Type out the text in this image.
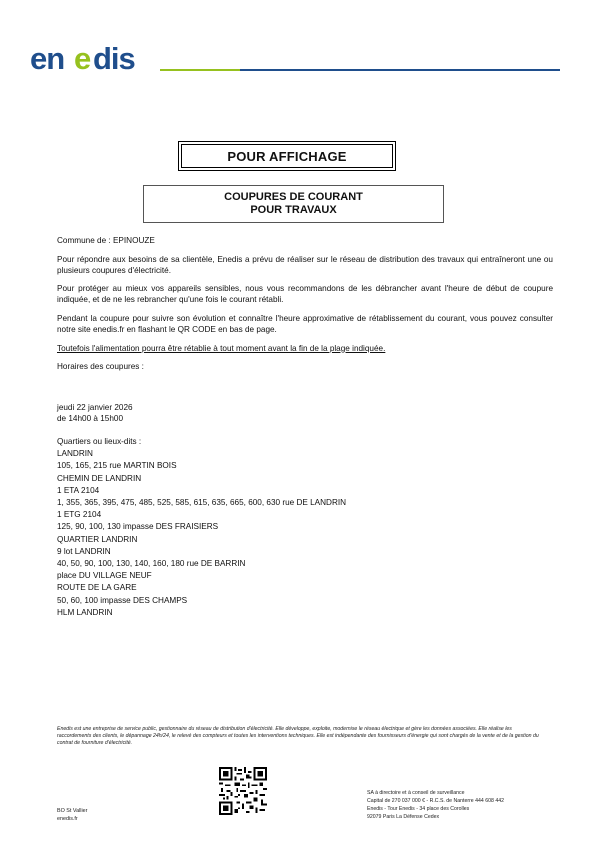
en e dis
POUR AFFICHAGE
COUPURES DE COURANT
POUR TRAVAUX

Commune de : EPINOUZE

Pour répondre aux besoins de sa clientèle, Enedis a prévu de réaliser sur le réseau de distribution des travaux qui entraîneront une ou plusieurs coupures d'électricité.

Pour protéger au mieux vos appareils sensibles, nous vous recommandons de les débrancher avant l'heure de début de coupure indiquée, et de ne les rebrancher qu'une fois le courant rétabli.

Pendant la coupure pour suivre son évolution et connaître l'heure approximative de rétablissement du courant, vous pouvez consulter notre site enedis.fr en flashant le QR CODE en bas de page.

Toutefois l'alimentation pourra être rétablie à tout moment avant la fin de la plage indiquée.

Horaires des coupures :

jeudi 22 janvier 2026
de 14h00 à 15h00
Quartiers ou lieux-dits :
LANDRIN
105, 165, 215 rue MARTIN BOIS
CHEMIN DE LANDRIN
1 ETA 2104
1, 355, 365, 395, 475, 485, 525, 585, 615, 635, 665, 600, 630 rue DE LANDRIN
1 ETG 2104
125, 90, 100, 130 impasse DES FRAISIERS
QUARTIER LANDRIN
9 lot LANDRIN
40, 50, 90, 100, 130, 140, 160, 180 rue DE BARRIN
place DU VILLAGE NEUF
ROUTE DE LA GARE
50, 60, 100 impasse DES CHAMPS
HLM LANDRIN
Enedis est une entreprise de service public, gestionnaire du réseau de distribution d'électricité. Elle développe, exploite, modernise le réseau électrique et gère les données associées. Elle réalise les raccordements des clients, le dépannage 24h/24, le relevé des compteurs et toutes les interventions techniques. Elle est indépendante des fournisseurs d'énergie qui sont chargés de la vente et de la gestion du contrat de fourniture d'électricité.
BO St Vallier
enedis.fr
SA à directoire et à conseil de surveillance
Capital de 270 037 000 € - R.C.S. de Nanterre 444 608 442
Enedis - Tour Enedis - 34 place des Corolles
92079 Paris La Défense Cedex
